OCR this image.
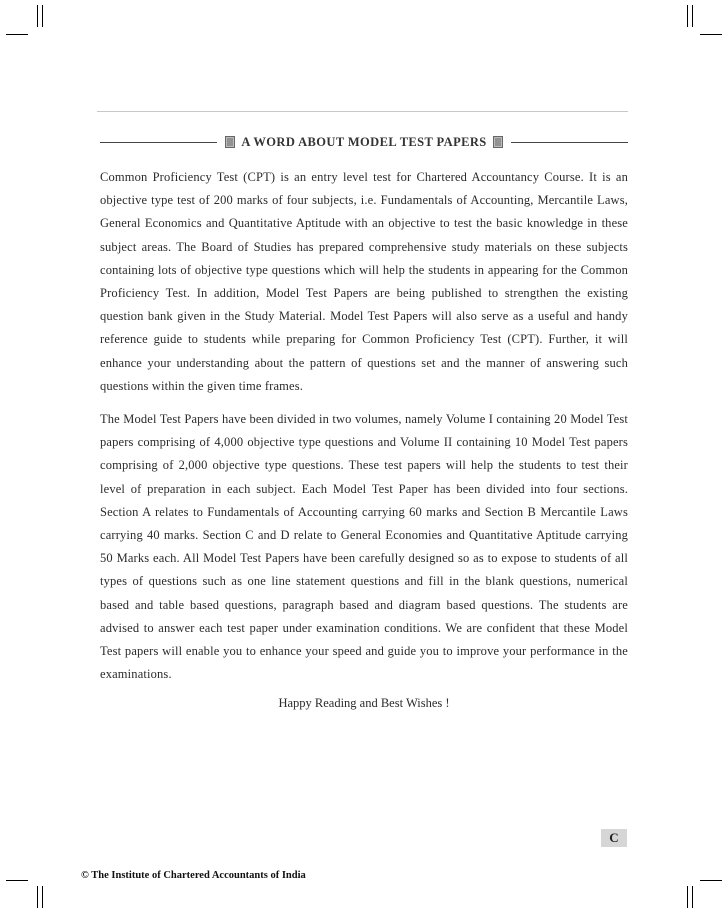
A WORD ABOUT MODEL TEST PAPERS

Common Proficiency Test (CPT) is an entry level test for Chartered Accountancy Course. It is an objective type test of 200 marks of four subjects, i.e. Fundamentals of Accounting, Mercantile Laws, General Economics and Quantitative Aptitude with an objective to test the basic knowledge in these subject areas. The Board of Studies has prepared comprehensive study materials on these subjects containing lots of objective type questions which will help the students in appearing for the Common Proficiency Test. In addition, Model Test Papers are being published to strengthen the existing question bank given in the Study Material. Model Test Papers will also serve as a useful and handy reference guide to students while preparing for Common Proficiency Test (CPT). Further, it will enhance your understanding about the pattern of questions set and the manner of answering such questions within the given time frames.

The Model Test Papers have been divided in two volumes, namely Volume I containing 20 Model Test papers comprising of 4,000 objective type questions and Volume II containing 10 Model Test papers comprising of 2,000 objective type questions. These test papers will help the students to test their level of preparation in each subject. Each Model Test Paper has been divided into four sections. Section A relates to Fundamentals of Accounting carrying 60 marks and Section B Mercantile Laws carrying 40 marks. Section C and D relate to General Economies and Quantitative Aptitude carrying 50 Marks each. All Model Test Papers have been carefully designed so as to expose to students of all types of questions such as one line statement questions and fill in the blank questions, numerical based and table based questions, paragraph based and diagram based questions. The students are advised to answer each test paper under examination conditions. We are confident that these Model Test papers will enable you to enhance your speed and guide you to improve your performance in the examinations.

Happy Reading and Best Wishes !
C
© The Institute of Chartered Accountants of India
